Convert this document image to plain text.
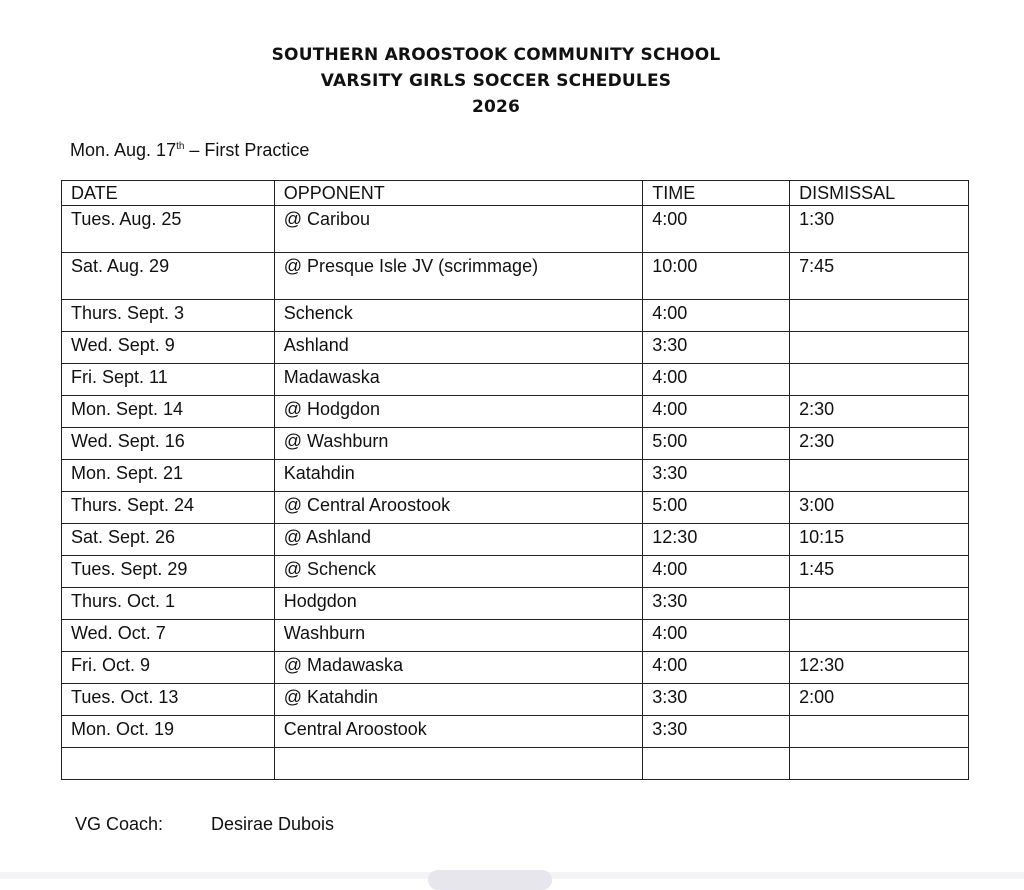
SOUTHERN AROOSTOOK COMMUNITY SCHOOL
VARSITY GIRLS SOCCER SCHEDULES
2026
Mon. Aug. 17th – First Practice
DATE	OPPONENT	TIME	DISMISSAL
Tues. Aug. 25	@ Caribou	4:00	1:30
Sat. Aug. 29	@ Presque Isle JV (scrimmage)	10:00	7:45
Thurs. Sept. 3	Schenck	4:00	
Wed. Sept. 9	Ashland	3:30	
Fri. Sept. 11	Madawaska	4:00	
Mon. Sept. 14	@ Hodgdon	4:00	2:30
Wed. Sept. 16	@ Washburn	5:00	2:30
Mon. Sept. 21	Katahdin	3:30	
Thurs. Sept. 24	@ Central Aroostook	5:00	3:00
Sat. Sept. 26	@ Ashland	12:30	10:15
Tues. Sept. 29	@ Schenck	4:00	1:45
Thurs. Oct. 1	Hodgdon	3:30	
Wed. Oct. 7	Washburn	4:00	
Fri. Oct. 9	@ Madawaska	4:00	12:30
Tues. Oct. 13	@ Katahdin	3:30	2:00
Mon. Oct. 19	Central Aroostook	3:30	

VG Coach:	Desirae Dubois
